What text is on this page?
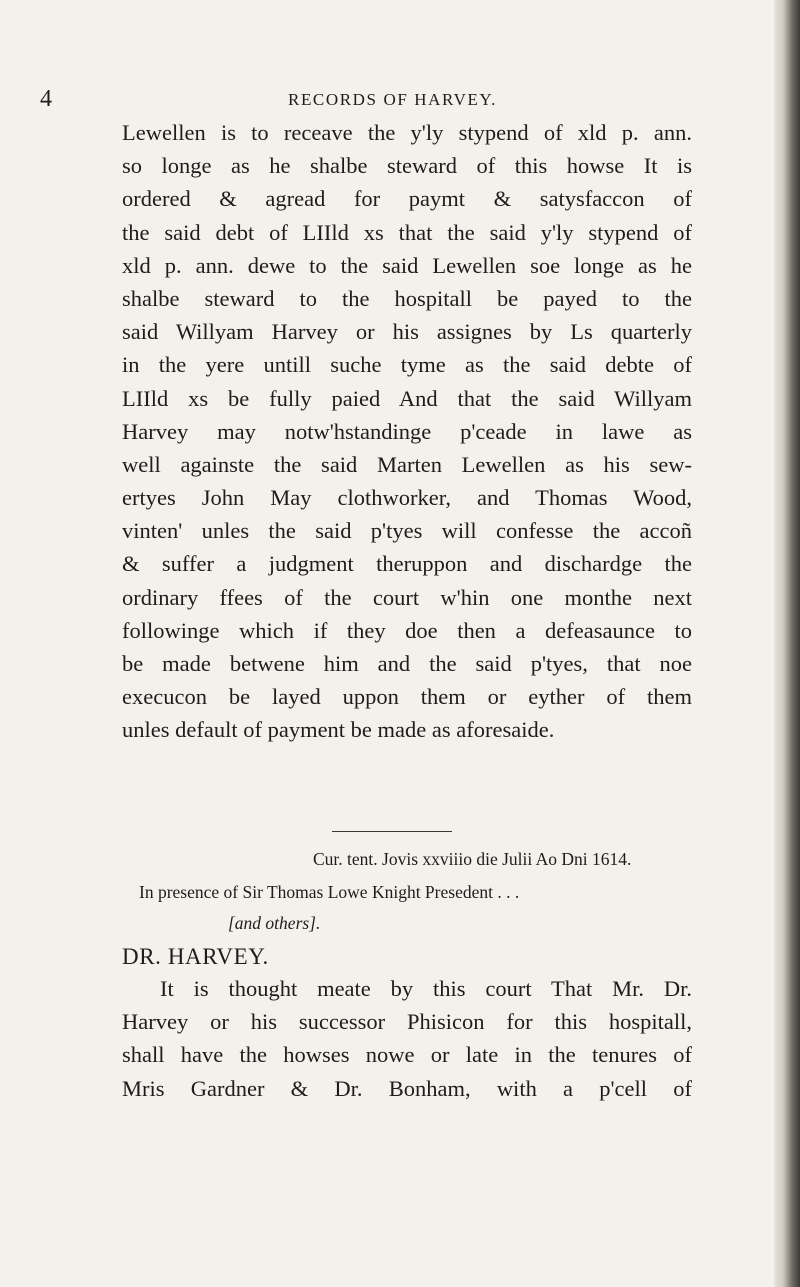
4	RECORDS OF HARVEY.
Lewellen is to receave the y'ly stypend of xld p. ann.
so longe as he shalbe steward of this howse It is
ordered & agread for paymt & satysfaccon of
the said debt of LIIld xs that the said y'ly stypend of
xld p. ann. dewe to the said Lewellen soe longe as he
shalbe steward to the hospitall be payed to the
said Willyam Harvey or his assignes by Ls quarterly
in the yere untill suche tyme as the said debte of
LIIld xs be fully paied And that the said Willyam
Harvey may notw'hstandinge p'ceade in lawe as
well againste the said Marten Lewellen as his sew-
ertyes John May clothworker, and Thomas Wood,
vinten' unles the said p'tyes will confesse the accoñ
& suffer a judgment theruppon and dischardge the
ordinary ffees of the court w'hin one monthe next
followinge which if they doe then a defeasaunce to
be made betwene him and the said p'tyes, that noe
execucon be layed uppon them or eyther of them
unles default of payment be made as aforesaide.
Cur. tent. Jovis xxviiio die Julii Ao Dni 1614.
In presence of Sir Thomas Lowe Knight Presedent . . .
[and others].
DR. HARVEY.
It is thought meate by this court That Mr. Dr.
Harvey or his successor Phisicon for this hospitall,
shall have the howses nowe or late in the tenures of
Mris Gardner & Dr. Bonham, with a p'cell of
